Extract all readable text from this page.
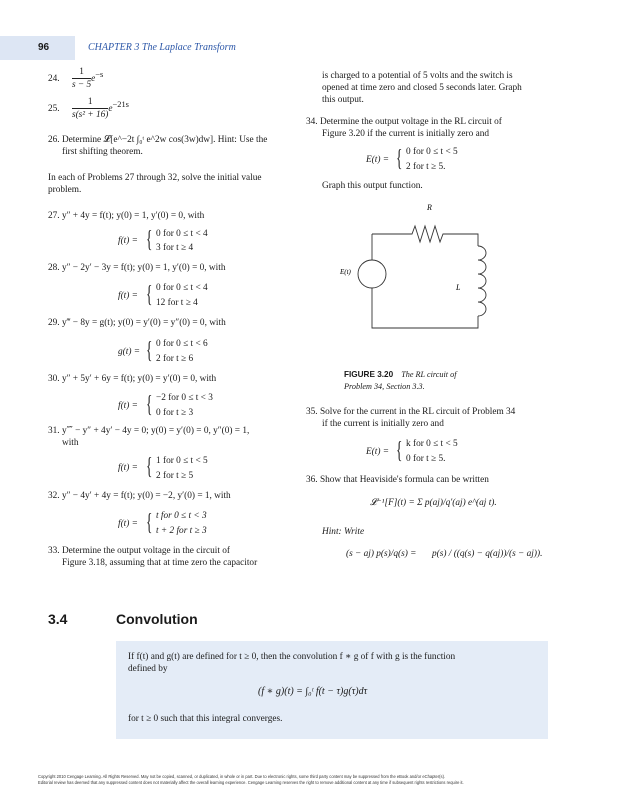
96	CHAPTER 3 The Laplace Transform
24. $\frac{1}{s - 5} e^{-s}$
25. $\frac{1}{\text{s(s² + 16)}} e^{-21s}$
26. Determine 𝓛[e^−2t ∫₀ᵗ e^2w cos(3w)dw]. Hint: Use the
first shifting theorem.
In each of Problems 27 through 32, solve the initial value
problem.
27. y″ + 4y = f(t); y(0) = 1, y′(0) = 0, with
f(t) = { 0 for 0 ≤ t < 4
3 for t ≥ 4
28. y″ − 2y′ − 3y = f(t); y(0) = 1, y′(0) = 0, with
f(t) = { 0 for 0 ≤ t < 4
12 for t ≥ 4
29. y‴ − 8y = g(t); y(0) = y′(0) = y″(0) = 0, with
g(t) = { 0 for 0 ≤ t < 6
2 for t ≥ 6
30. y″ + 5y′ + 6y = f(t); y(0) = y′(0) = 0, with
f(t) = { −2 for 0 ≤ t < 3
0 for t ≥ 3
31. y⁗ − y″ + 4y′ − 4y = 0; y(0) = y′(0) = 0, y″(0) = 1,
with
f(t) = { 1 for 0 ≤ t < 5
2 for t ≥ 5
32. y″ − 4y′ + 4y = f(t); y(0) = −2, y′(0) = 1, with
f(t) = { t for 0 ≤ t < 3
t + 2 for t ≥ 3
33. Determine the output voltage in the circuit of
Figure 3.18, assuming that at time zero the capacitor
is charged to a potential of 5 volts and the switch is
opened at time zero and closed 5 seconds later. Graph
this output.
34. Determine the output voltage in the RL circuit of
Figure 3.20 if the current is initially zero and
E(t) = { 0 for 0 ≤ t < 5
2 for t ≥ 5.
Graph this output function.
R
E(t)
L
FIGURE 3.20 The RL circuit of
Problem 34, Section 3.3.
35. Solve for the current in the RL circuit of Problem 34
if the current is initially zero and
E(t) = { k for 0 ≤ t < 5
0 for t ≥ 5.
36. Show that Heaviside's formula can be written
𝓛⁻¹[F](t) = Σ p(aj)/q′(aj) e^(aj t).
Hint: Write
(s − aj) p(s)/q(s) = p(s) / ((q(s) − q(aj))/(s − aj)).
3.4	Convolution
If f(t) and g(t) are defined for t ≥ 0, then the convolution f ∗ g of f with g is the function
defined by
(f ∗ g)(t) = ∫₀ᵗ f(t − τ)g(τ)dτ
for t ≥ 0 such that this integral converges.
Copyright 2010 Cengage Learning. All Rights Reserved. May not be copied, scanned, or duplicated, in whole or in part. Due to electronic rights, some third party content may be suppressed from the eBook and/or eChapter(s).
Editorial review has deemed that any suppressed content does not materially affect the overall learning experience. Cengage Learning reserves the right to remove additional content at any time if subsequent rights restrictions require it.
